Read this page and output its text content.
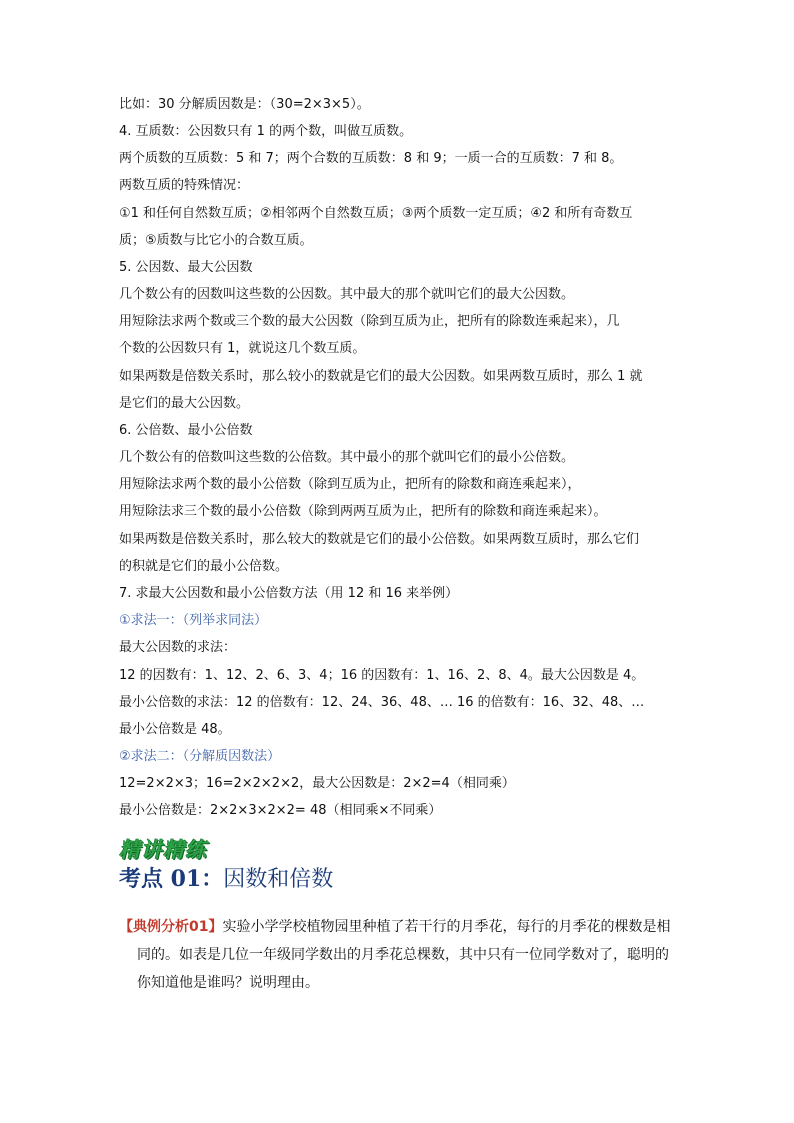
比如：30 分解质因数是：（30=2×3×5）。
4. 互质数：公因数只有 1 的两个数，叫做互质数。
两个质数的互质数：5 和 7；两个合数的互质数：8 和 9；一质一合的互质数：7 和 8。
两数互质的特殊情况：
①1 和任何自然数互质；②相邻两个自然数互质；③两个质数一定互质；④2 和所有奇数互
质；⑤质数与比它小的合数互质。
5. 公因数、最大公因数
几个数公有的因数叫这些数的公因数。其中最大的那个就叫它们的最大公因数。
用短除法求两个数或三个数的最大公因数（除到互质为止，把所有的除数连乘起来），几
个数的公因数只有 1，就说这几个数互质。
如果两数是倍数关系时，那么较小的数就是它们的最大公因数。如果两数互质时，那么 1 就
是它们的最大公因数。
6. 公倍数、最小公倍数
几个数公有的倍数叫这些数的公倍数。其中最小的那个就叫它们的最小公倍数。
用短除法求两个数的最小公倍数（除到互质为止，把所有的除数和商连乘起来），
用短除法求三个数的最小公倍数（除到两两互质为止，把所有的除数和商连乘起来）。
如果两数是倍数关系时，那么较大的数就是它们的最小公倍数。如果两数互质时，那么它们
的积就是它们的最小公倍数。
7. 求最大公因数和最小公倍数方法（用 12 和 16 来举例）
①求法一：（列举求同法）
最大公因数的求法：
12 的因数有：1、12、2、6、3、4；16 的因数有：1、16、2、8、4。最大公因数是 4。
最小公倍数的求法：12 的倍数有：12、24、36、48、… 16 的倍数有：16、32、48、…
最小公倍数是 48。
②求法二：（分解质因数法）
12=2×2×3；16=2×2×2×2，最大公因数是：2×2=4（相同乘）
最小公倍数是：2×2×3×2×2= 48（相同乘×不同乘）
精讲精练
考点 01：因数和倍数
【典例分析01】实验小学学校植物园里种植了若干行的月季花，每行的月季花的棵数是相
同的。如表是几位一年级同学数出的月季花总棵数，其中只有一位同学数对了，聪明的
你知道他是谁吗？说明理由。
